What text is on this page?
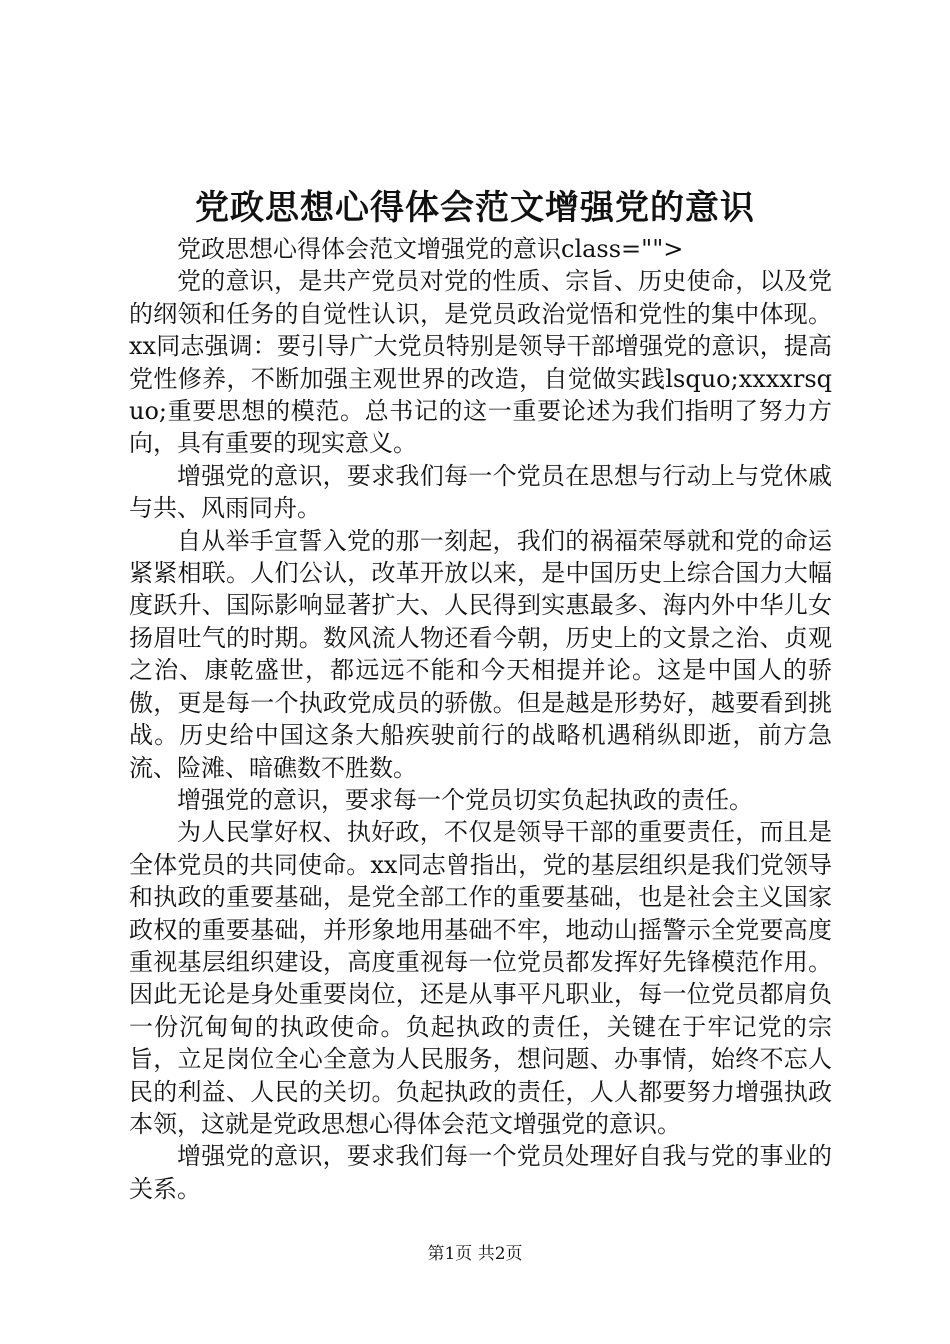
党政思想心得体会范文增强党的意识

党政思想心得体会范文增强党的意识class="">

党的意识，是共产党员对党的性质、宗旨、历史使命，以及党的纲领和任务的自觉性认识，是党员政治觉悟和党性的集中体现。xx同志强调：要引导广大党员特别是领导干部增强党的意识，提高党性修养，不断加强主观世界的改造，自觉做实践lsquo;xxxxrsquo;重要思想的模范。总书记的这一重要论述为我们指明了努力方向，具有重要的现实意义。

增强党的意识，要求我们每一个党员在思想与行动上与党休戚与共、风雨同舟。

自从举手宣誓入党的那一刻起，我们的祸福荣辱就和党的命运紧紧相联。人们公认，改革开放以来，是中国历史上综合国力大幅度跃升、国际影响显著扩大、人民得到实惠最多、海内外中华儿女扬眉吐气的时期。数风流人物还看今朝，历史上的文景之治、贞观之治、康乾盛世，都远远不能和今天相提并论。这是中国人的骄傲，更是每一个执政党成员的骄傲。但是越是形势好，越要看到挑战。历史给中国这条大船疾驶前行的战略机遇稍纵即逝，前方急流、险滩、暗礁数不胜数。

增强党的意识，要求每一个党员切实负起执政的责任。

为人民掌好权、执好政，不仅是领导干部的重要责任，而且是全体党员的共同使命。xx同志曾指出，党的基层组织是我们党领导和执政的重要基础，是党全部工作的重要基础，也是社会主义国家政权的重要基础，并形象地用基础不牢，地动山摇警示全党要高度重视基层组织建设，高度重视每一位党员都发挥好先锋模范作用。因此无论是身处重要岗位，还是从事平凡职业，每一位党员都肩负一份沉甸甸的执政使命。负起执政的责任，关键在于牢记党的宗旨，立足岗位全心全意为人民服务，想问题、办事情，始终不忘人民的利益、人民的关切。负起执政的责任，人人都要努力增强执政本领，这就是党政思想心得体会范文增强党的意识。

增强党的意识，要求我们每一个党员处理好自我与党的事业的关系。

第1页 共2页
